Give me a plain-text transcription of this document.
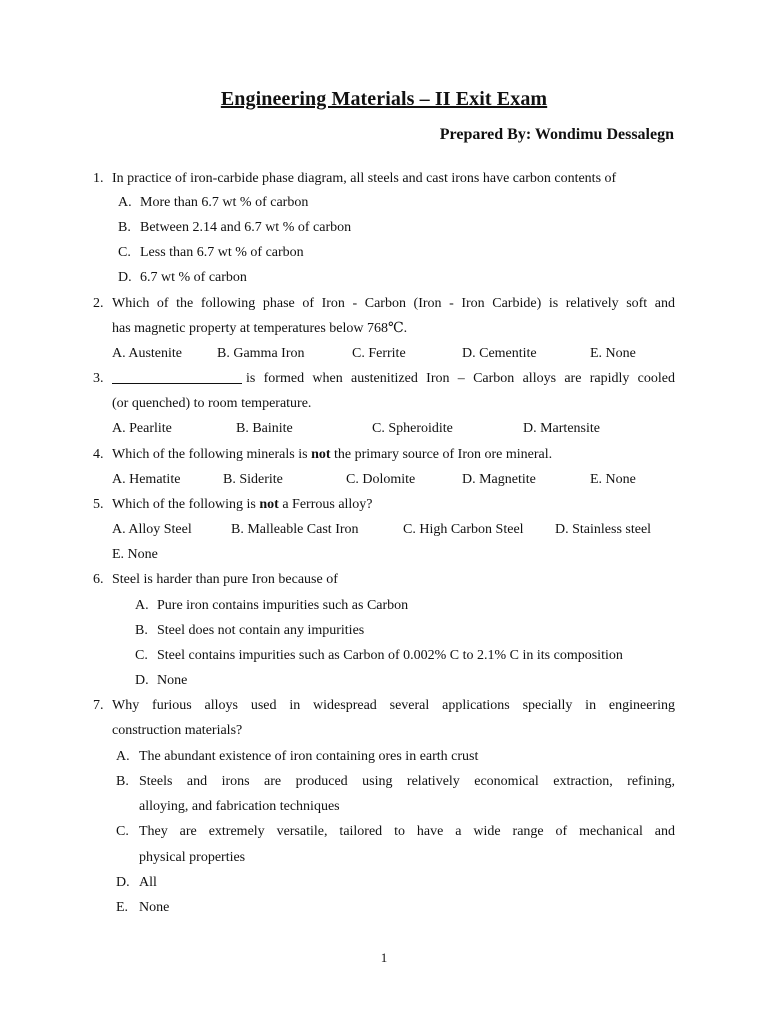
Engineering Materials – II Exit Exam
Prepared By: Wondimu Dessalegn
1. In practice of iron-carbide phase diagram, all steels and cast irons have carbon contents of
A. More than 6.7 wt % of carbon
B. Between 2.14 and 6.7 wt % of carbon
C. Less than 6.7 wt % of carbon
D. 6.7 wt % of carbon
2. Which of the following phase of Iron - Carbon (Iron - Iron Carbide) is relatively soft and
has magnetic property at temperatures below 768℃.
A. Austenite	B. Gamma Iron	C. Ferrite	D. Cementite	E. None
3.	is formed when austenitized Iron – Carbon alloys are rapidly cooled
(or quenched) to room temperature.
A. Pearlite	B. Bainite	C. Spheroidite	D. Martensite
4. Which of the following minerals is not the primary source of Iron ore mineral.
A. Hematite	B. Siderite	C. Dolomite	D. Magnetite	E. None
5. Which of the following is not a Ferrous alloy?
A. Alloy Steel	B. Malleable Cast Iron	C. High Carbon Steel D. Stainless steel
E. None
6. Steel is harder than pure Iron because of
A. Pure iron contains impurities such as Carbon
B. Steel does not contain any impurities
C. Steel contains impurities such as Carbon of 0.002% C to 2.1% C in its composition
D. None
7. Why furious alloys used in widespread several applications specially in engineering
construction materials?
A. The abundant existence of iron containing ores in earth crust
B. Steels and irons are produced using relatively economical extraction, refining,
alloying, and fabrication techniques
C. They are extremely versatile, tailored to have a wide range of mechanical and
physical properties
D. All
E. None
1
